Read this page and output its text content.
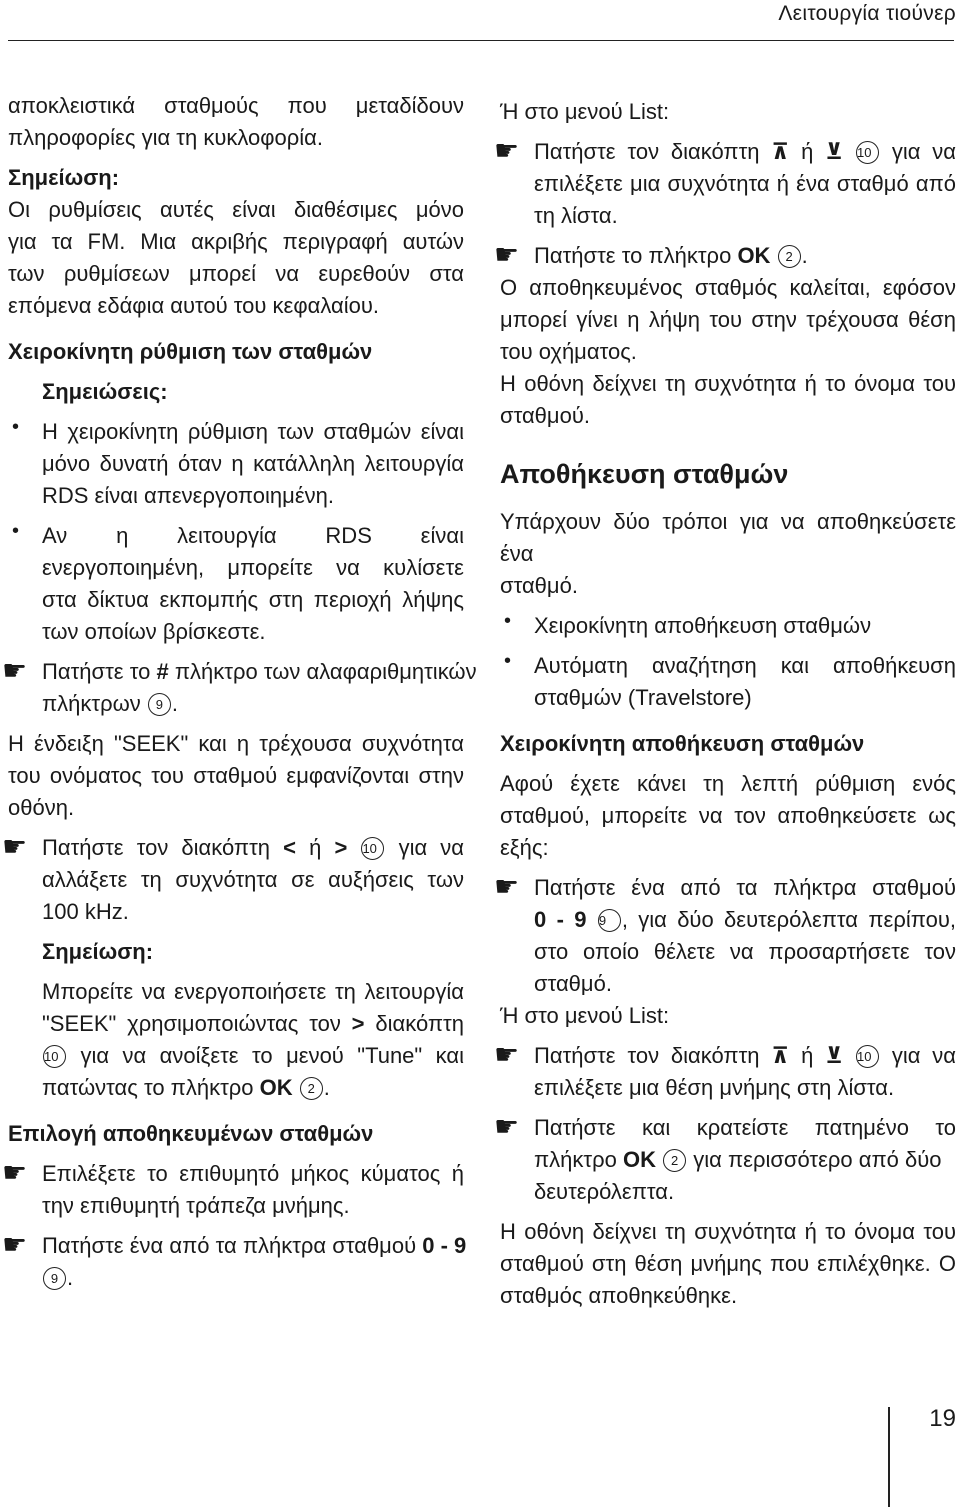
Λειτουργία τιούνερ
αποκλειστικά σταθμούς που μεταδίδουν
πληροφορίες για τη κυκλοφορία.
Σημείωση:
Οι ρυθμίσεις αυτές είναι διαθέσιμες μόνο
για τα FM. Μια ακριβής περιγραφή αυτών
των ρυθμίσεων μπορεί να ευρεθούν στα
επόμενα εδάφια αυτού του κεφαλαίου.
Χειροκίνητη ρύθμιση των σταθμών
Σημειώσεις:
• Η χειροκίνητη ρύθμιση των σταθμών είναι
μόνο δυνατή όταν η κατάλληλη λειτουργία
RDS είναι απενεργοποιημένη.
• Αν η λειτουργία RDS είναι
ενεργοποιημένη, μπορείτε να κυλίσετε
στα δίκτυα εκπομπής στη περιοχή λήψης
των οποίων βρίσκεστε.
☛ Πατήστε το # πλήκτρο των αλαφαριθμητικών
πλήκτρων 9 .
Η ένδειξη "SEEK" και η τρέχουσα συχνότητα
του ονόματος του σταθμού εμφανίζονται στην
οθόνη.
☛ Πατήστε τον διακόπτη < ή > 10 για να
αλλάξετε τη συχνότητα σε αυξήσεις των
100 kHz.
Σημείωση:
Μπορείτε να ενεργοποιήσετε τη λειτουργία
"SEEK" χρησιμοποιώντας τον > διακόπτη
10 για να ανοίξετε το μενού "Tune" και
πατώντας το πλήκτρο OK 2 .
Επιλογή αποθηκευμένων σταθμών
☛ Επιλέξετε το επιθυμητό μήκος κύματος ή
την επιθυμητή τράπεζα μνήμης.
☛ Πατήστε ένα από τα πλήκτρα σταθμού 0 - 9
9 .
Ή στο μενού List:
☛ Πατήστε τον διακόπτη ⊼ ή ⊻ 10 για να
επιλέξετε μια συχνότητα ή ένα σταθμό από
τη λίστα.
☛ Πατήστε το πλήκτρο OK 2 .
Ο αποθηκευμένος σταθμός καλείται, εφόσον
μπορεί γίνει η λήψη του στην τρέχουσα θέση
του οχήματος.
Η οθόνη δείχνει τη συχνότητα ή το όνομα του
σταθμού.
Αποθήκευση σταθμών
Υπάρχουν δύο τρόποι για να αποθηκεύσετε ένα
σταθμό.
• Χειροκίνητη αποθήκευση σταθμών
• Αυτόματη αναζήτηση και αποθήκευση
σταθμών (Travelstore)
Χειροκίνητη αποθήκευση σταθμών
Αφού έχετε κάνει τη λεπτή ρύθμιση ενός
σταθμού, μπορείτε να τον αποθηκεύσετε ως
εξής:
☛ Πατήστε ένα από τα πλήκτρα σταθμού
0 - 9 9 , για δύο δευτερόλεπτα περίπου,
στο οποίο θέλετε να προσαρτήσετε τον
σταθμό.
Ή στο μενού List:
☛ Πατήστε τον διακόπτη ⊼ ή ⊻ 10 για να
επιλέξετε μια θέση μνήμης στη λίστα.
☛ Πατήστε και κρατείστε πατημένο το
πλήκτρο OK 2 για περισσότερο από δύο
δευτερόλεπτα.
Η οθόνη δείχνει τη συχνότητα ή το όνομα του
σταθμού στη θέση μνήμης που επιλέχθηκε. Ο
σταθμός αποθηκεύθηκε.
19
